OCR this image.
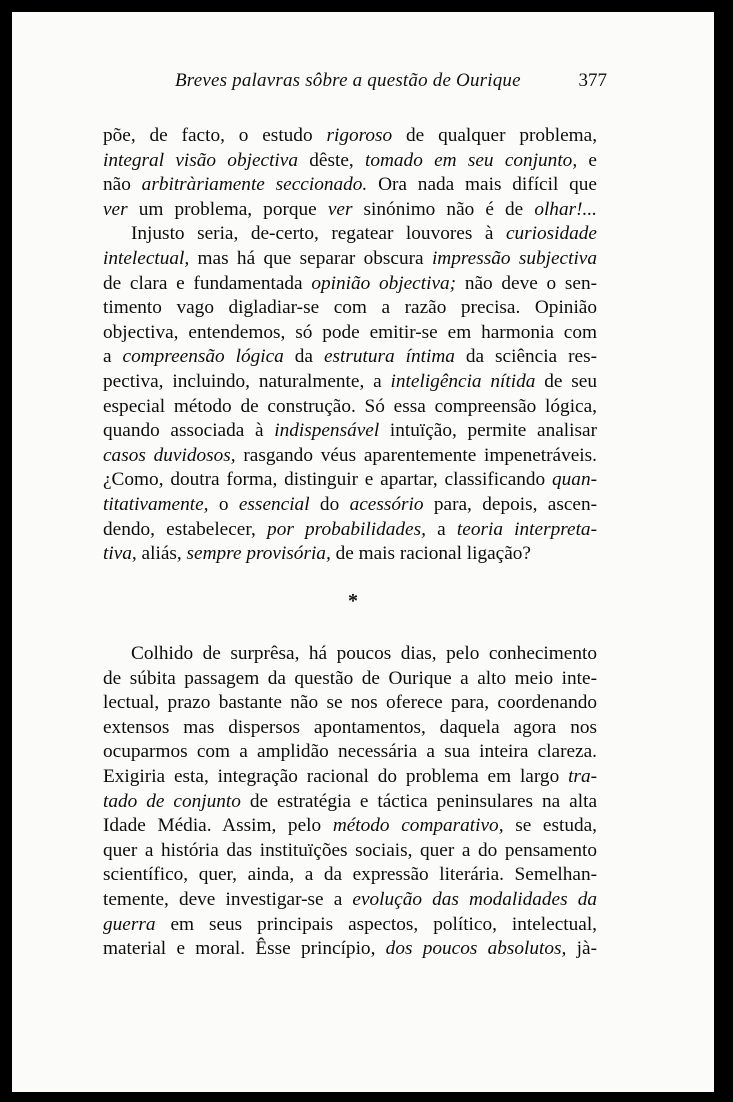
Breves palavras sôbre a questão de Ourique	377
põe, de facto, o estudo rigoroso de qualquer problema,
integral visão objectiva dêste, tomado em seu conjunto, e
não arbitràriamente seccionado. Ora nada mais difícil que
ver um problema, porque ver sinónimo não é de olhar!...
Injusto seria, de-certo, regatear louvores à curiosidade
intelectual, mas há que separar obscura impressão subjectiva
de clara e fundamentada opinião objectiva; não deve o sen-
timento vago digladiar-se com a razão precisa. Opinião
objectiva, entendemos, só pode emitir-se em harmonia com
a compreensão lógica da estrutura íntima da sciência res-
pectiva, incluindo, naturalmente, a inteligência nítida de seu
especial método de construção. Só essa compreensão lógica,
quando associada à indispensável intuïção, permite analisar
casos duvidosos, rasgando véus aparentemente impenetráveis.
¿Como, doutra forma, distinguir e apartar, classificando quan-
titativamente, o essencial do acessório para, depois, ascen-
dendo, estabelecer, por probabilidades, a teoria interpreta-
tiva, aliás, sempre provisória, de mais racional ligação?
*
Colhido de surprêsa, há poucos dias, pelo conhecimento
de súbita passagem da questão de Ourique a alto meio inte-
lectual, prazo bastante não se nos oferece para, coordenando
extensos mas dispersos apontamentos, daquela agora nos
ocuparmos com a amplidão necessária a sua inteira clareza.
Exigiria esta, integração racional do problema em largo tra-
tado de conjunto de estratégia e táctica peninsulares na alta
Idade Média. Assim, pelo método comparativo, se estuda,
quer a história das instituïções sociais, quer a do pensamento
scientífico, quer, ainda, a da expressão literária. Semelhan-
temente, deve investigar-se a evolução das modalidades da
guerra em seus principais aspectos, político, intelectual,
material e moral. Êsse princípio, dos poucos absolutos, jà-
